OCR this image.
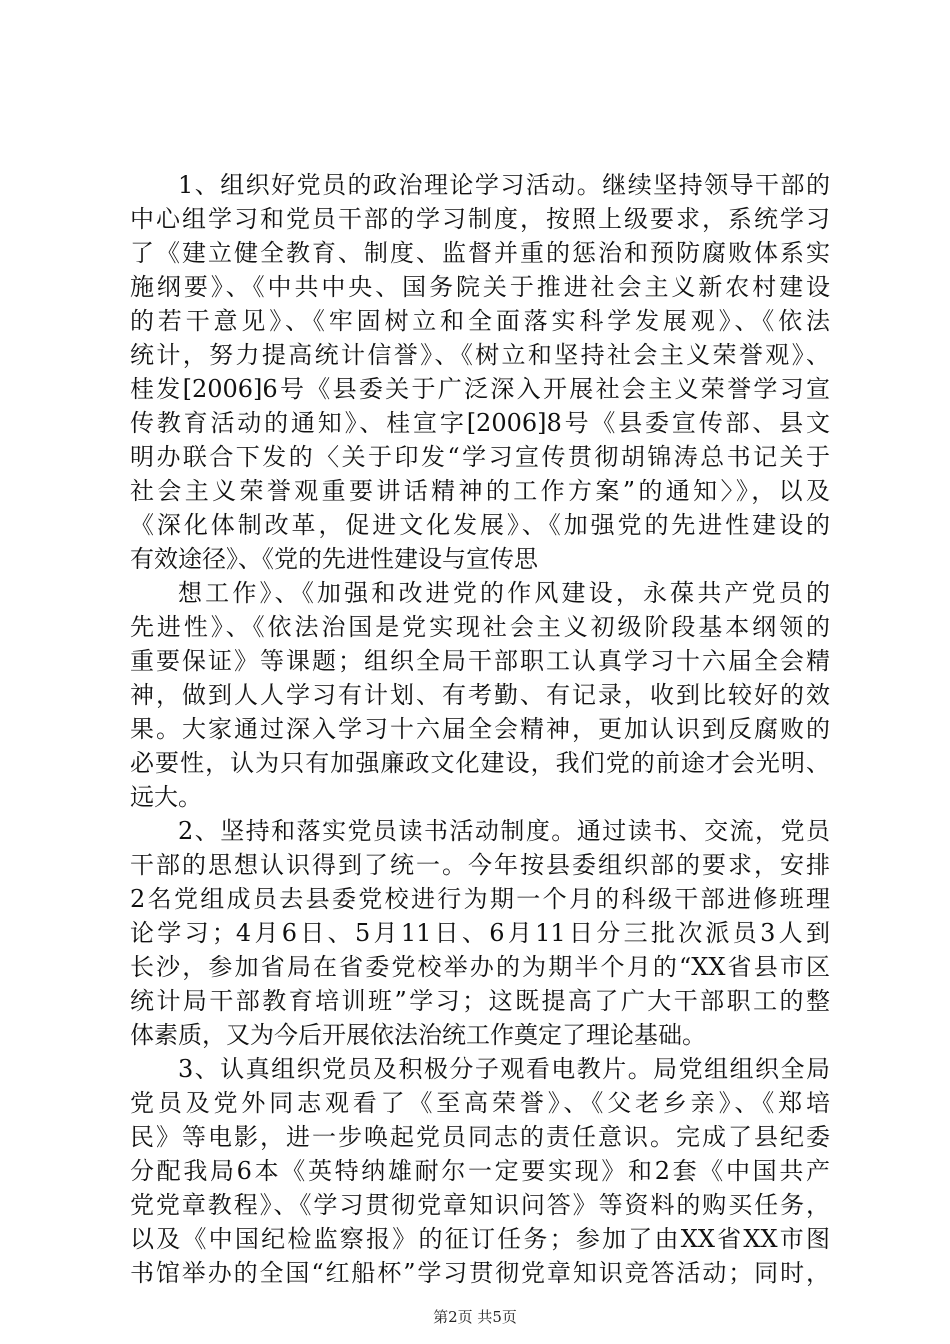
1、组织好党员的政治理论学习活动。继续坚持领导干部的
中心组学习和党员干部的学习制度，按照上级要求，系统学习
了《建立健全教育、制度、监督并重的惩治和预防腐败体系实
施纲要》、《中共中央、国务院关于推进社会主义新农村建设
的若干意见》、《牢固树立和全面落实科学发展观》、《依法
统计，努力提高统计信誉》、《树立和坚持社会主义荣誉观》、
桂发[2006]6号《县委关于广泛深入开展社会主义荣誉学习宣
传教育活动的通知》、桂宣字[2006]8号《县委宣传部、县文
明办联合下发的〈关于印发“学习宣传贯彻胡锦涛总书记关于
社会主义荣誉观重要讲话精神的工作方案”的通知〉》，以及
《深化体制改革，促进文化发展》、《加强党的先进性建设的
有效途径》、《党的先进性建设与宣传思
想工作》、《加强和改进党的作风建设，永葆共产党员的
先进性》、《依法治国是党实现社会主义初级阶段基本纲领的
重要保证》等课题；组织全局干部职工认真学习十六届全会精
神，做到人人学习有计划、有考勤、有记录，收到比较好的效
果。大家通过深入学习十六届全会精神，更加认识到反腐败的
必要性，认为只有加强廉政文化建设，我们党的前途才会光明、
远大。
2、坚持和落实党员读书活动制度。通过读书、交流，党员
干部的思想认识得到了统一。今年按县委组织部的要求，安排
2名党组成员去县委党校进行为期一个月的科级干部进修班理
论学习；4月6日、5月11日、6月11日分三批次派员3人到
长沙，参加省局在省委党校举办的为期半个月的“XX省县市区
统计局干部教育培训班”学习；这既提高了广大干部职工的整
体素质，又为今后开展依法治统工作奠定了理论基础。
3、认真组织党员及积极分子观看电教片。局党组组织全局
党员及党外同志观看了《至高荣誉》、《父老乡亲》、《郑培
民》等电影，进一步唤起党员同志的责任意识。完成了县纪委
分配我局6本《英特纳雄耐尔一定要实现》和2套《中国共产
党党章教程》、《学习贯彻党章知识问答》等资料的购买任务，
以及《中国纪检监察报》的征订任务；参加了由XX省XX市图
书馆举办的全国“红船杯”学习贯彻党章知识竞答活动；同时，
第2页 共5页
